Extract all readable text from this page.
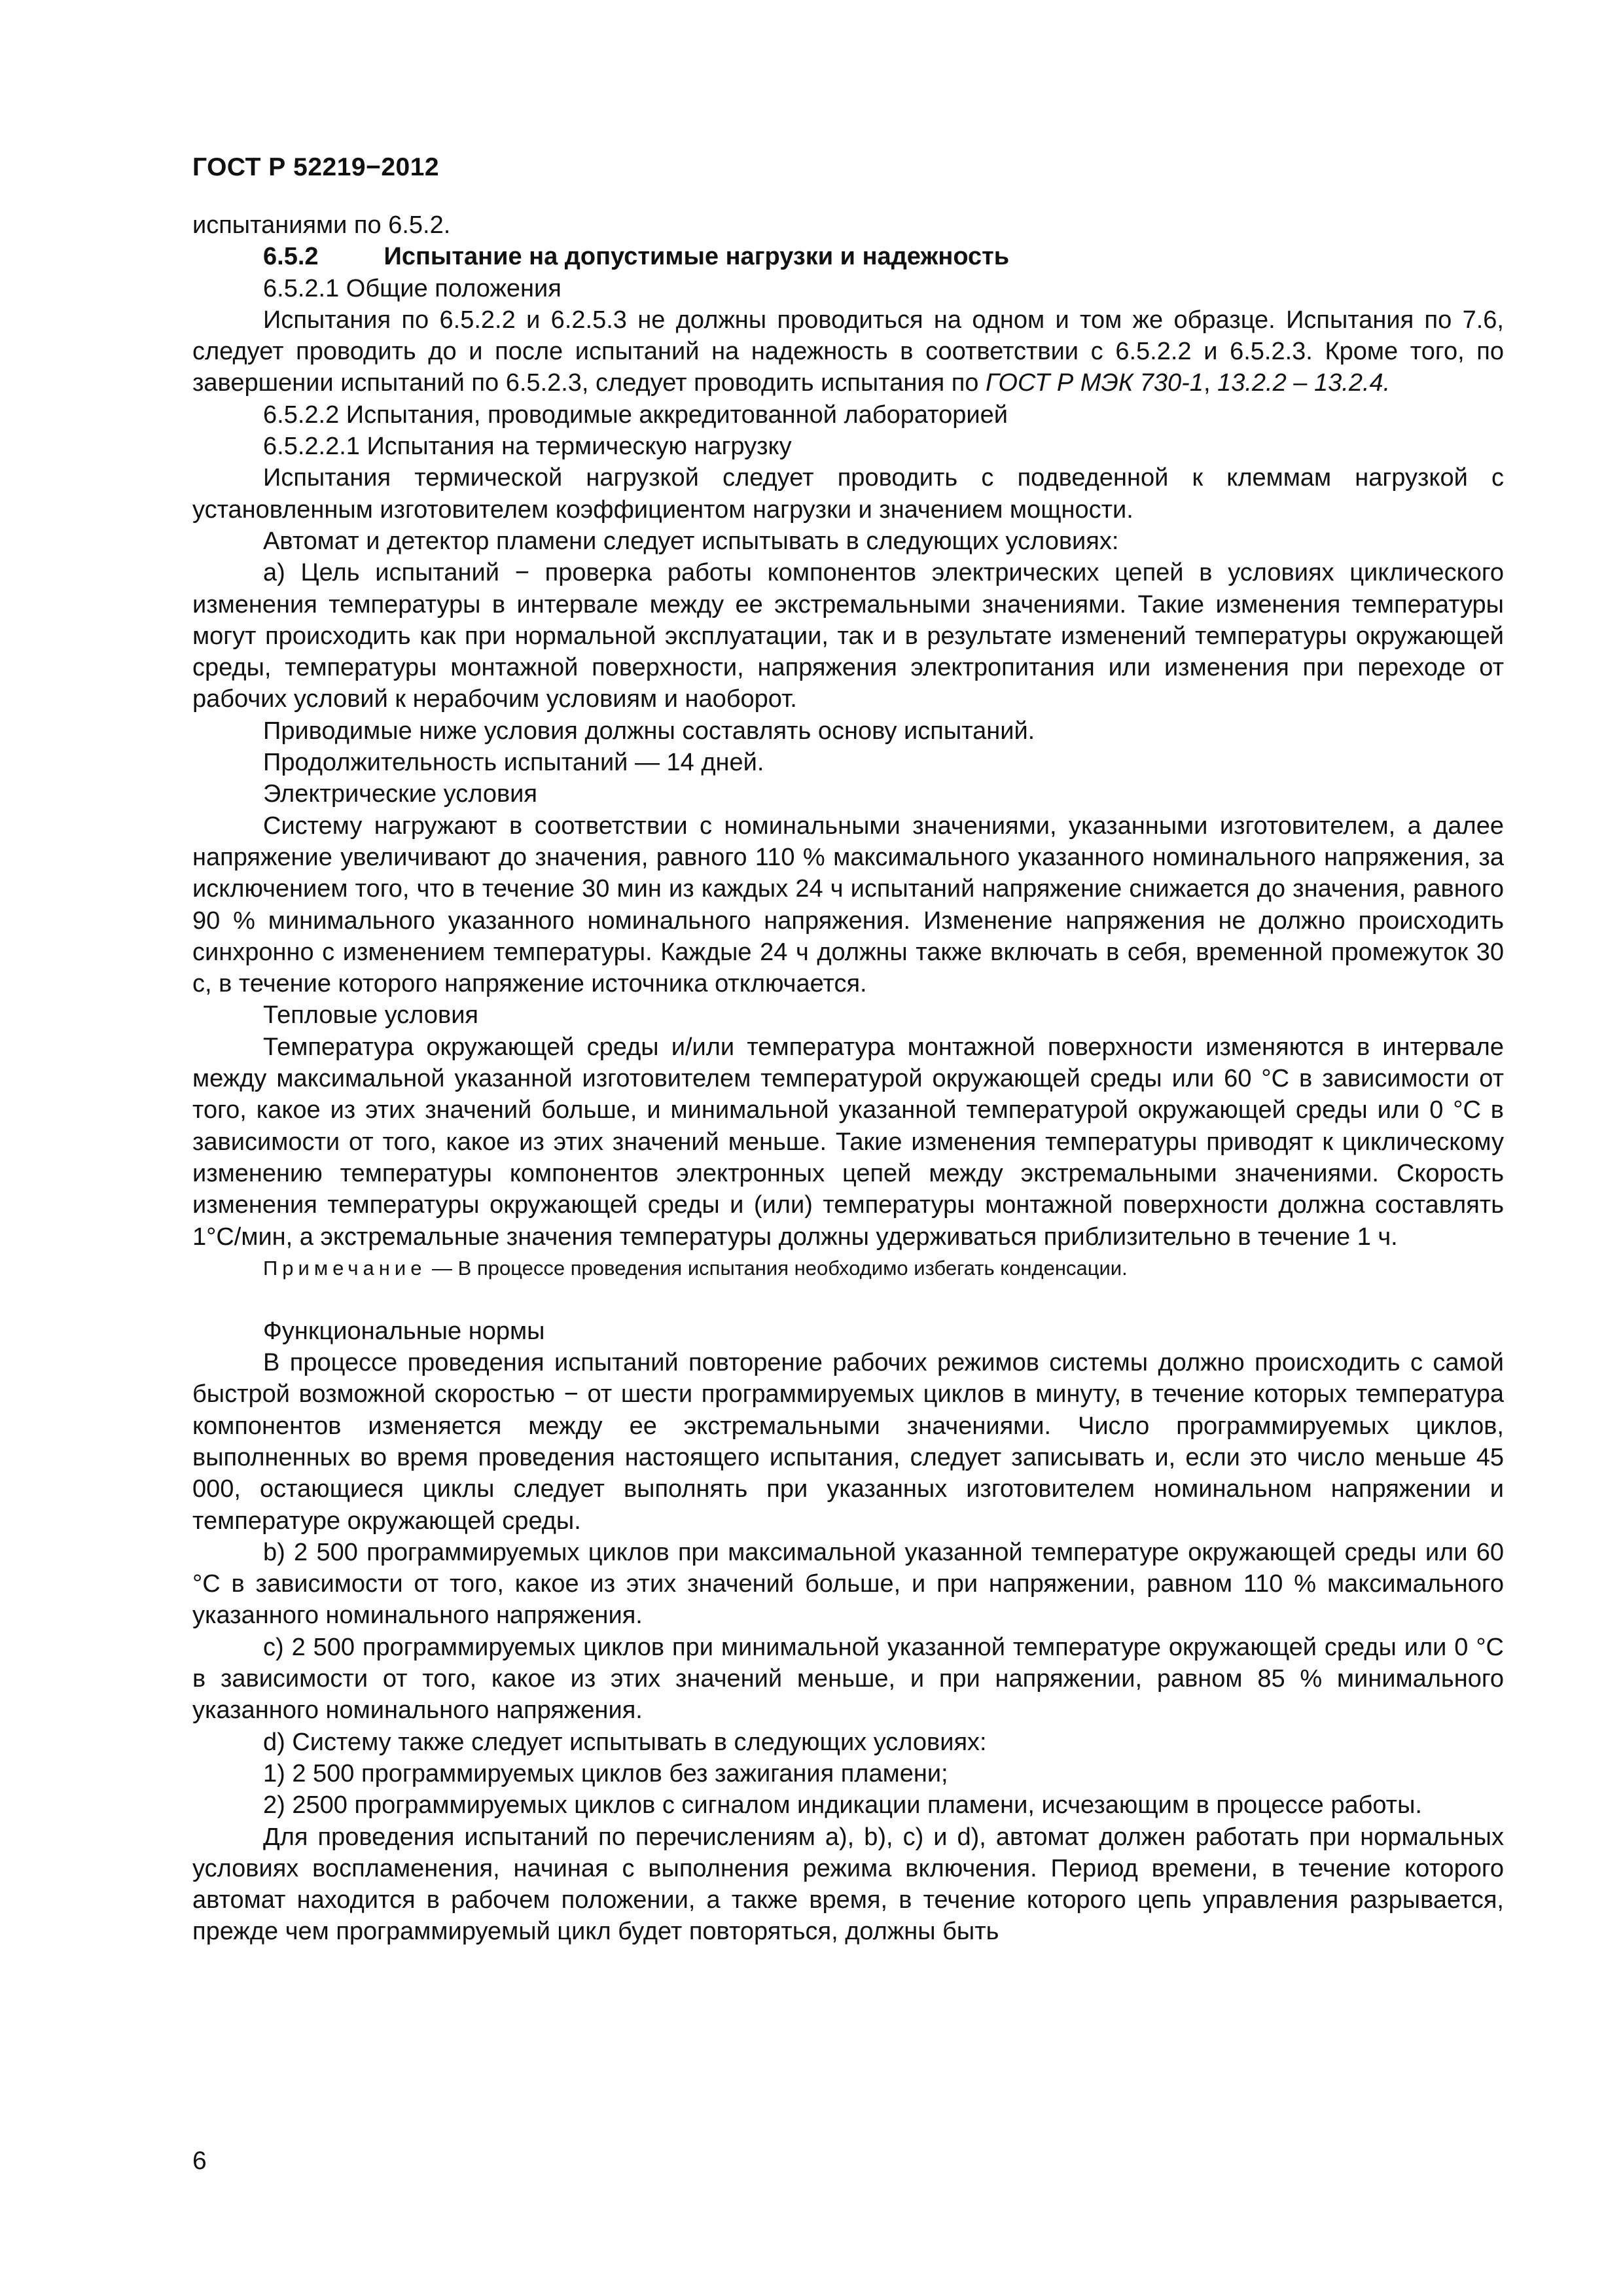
ГОСТ Р 52219−2012

испытаниями по 6.5.2.

6.5.2	Испытание на допустимые нагрузки и надежность

6.5.2.1 Общие положения

Испытания по 6.5.2.2 и 6.2.5.3 не должны проводиться на одном и том же образце. Испытания по 7.6, следует проводить до и после испытаний на надежность в соответствии с 6.5.2.2 и 6.5.2.3. Кроме того, по завершении испытаний по 6.5.2.3, следует проводить испытания по ГОСТ Р МЭК 730-1, 13.2.2 – 13.2.4.

6.5.2.2 Испытания, проводимые аккредитованной лабораторией

6.5.2.2.1 Испытания на термическую нагрузку

Испытания термической нагрузкой следует проводить с подведенной к клеммам нагрузкой с установленным изготовителем коэффициентом нагрузки и значением мощности.

Автомат и детектор пламени следует испытывать в следующих условиях:

а) Цель испытаний − проверка работы компонентов электрических цепей в условиях циклического изменения температуры в интервале между ее экстремальными значениями. Такие изменения температуры могут происходить как при нормальной эксплуатации, так и в результате изменений температуры окружающей среды, температуры монтажной поверхности, напряжения электропитания или изменения при переходе от рабочих условий к нерабочим условиям и наоборот.

Приводимые ниже условия должны составлять основу испытаний.

Продолжительность испытаний — 14 дней.

Электрические условия

Систему нагружают в соответствии с номинальными значениями, указанными изготовителем, а далее напряжение увеличивают до значения, равного 110 % максимального указанного номинального напряжения, за исключением того, что в течение 30 мин из каждых 24 ч испытаний напряжение снижается до значения, равного 90 % минимального указанного номинального напряжения. Изменение напряжения не должно происходить синхронно с изменением температуры. Каждые 24 ч должны также включать в себя, временной промежуток 30 с, в течение которого напряжение источника отключается.

Тепловые условия

Температура окружающей среды и/или температура монтажной поверхности изменяются в интервале между максимальной указанной изготовителем температурой окружающей среды или 60 °С в зависимости от того, какое из этих значений больше, и минимальной указанной температурой окружающей среды или 0 °С в зависимости от того, какое из этих значений меньше. Такие изменения температуры приводят к циклическому изменению температуры компонентов электронных цепей между экстремальными значениями. Скорость изменения температуры окружающей среды и (или) температуры монтажной поверхности должна составлять 1°С/мин, а экстремальные значения температуры должны удерживаться приблизительно в течение 1 ч.

Примечание — В процессе проведения испытания необходимо избегать конденсации.

Функциональные нормы

В процессе проведения испытаний повторение рабочих режимов системы должно происходить с самой быстрой возможной скоростью − от шести программируемых циклов в минуту, в течение которых температура компонентов изменяется между ее экстремальными значениями. Число программируемых циклов, выполненных во время проведения настоящего испытания, следует записывать и, если это число меньше 45 000, остающиеся циклы следует выполнять при указанных изготовителем номинальном напряжении и температуре окружающей среды.

b) 2 500 программируемых циклов при максимальной указанной температуре окружающей среды или 60 °С в зависимости от того, какое из этих значений больше, и при напряжении, равном 110 % максимального указанного номинального напряжения.

c) 2 500 программируемых циклов при минимальной указанной температуре окружающей среды или 0 °С в зависимости от того, какое из этих значений меньше, и при напряжении, равном 85 % минимального указанного номинального напряжения.

d) Систему также следует испытывать в следующих условиях:

1) 2 500 программируемых циклов без зажигания пламени;

2) 2500 программируемых циклов с сигналом индикации пламени, исчезающим в процессе работы.

Для проведения испытаний по перечислениям a), b), c) и d), автомат должен работать при нормальных условиях воспламенения, начиная с выполнения режима включения. Период времени, в течение которого автомат находится в рабочем положении, а также время, в течение которого цепь управления разрывается, прежде чем программируемый цикл будет повторяться, должны быть

6
